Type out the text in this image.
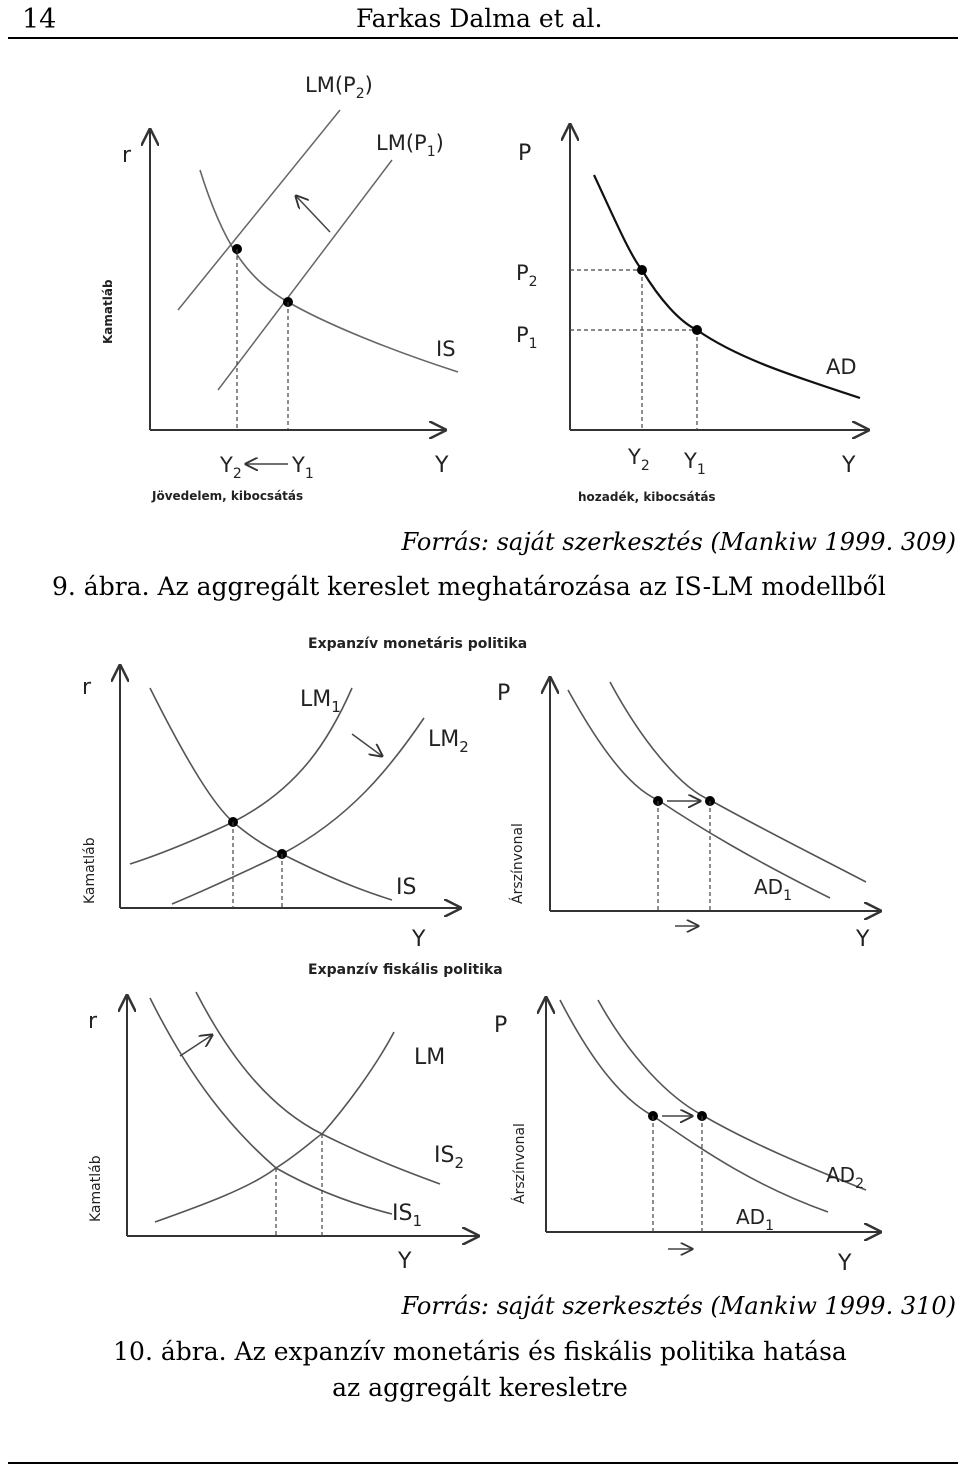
14	Farkas Dalma et al.
r
Kamatláb
$LM(P_2)$
$LM(P_1)$
IS
$Y_2$ $Y_1$	Y
Jövedelem, kibocsátás
P
$P_2$
$P_1$
AD
$Y_2$ $Y_1$	Y
hozadék, kibocsátás
Forrás: saját szerkesztés (Mankiw 1999. 309)
9. ábra. Az aggregált kereslet meghatározása az IS-LM modellből
Expanzív monetáris politika
r
Kamatláb
$LM_1$
$LM_2$
IS
Y
P
Árszínvonal	$AD_1$
Y
Expanzív fiskális politika
r
Kamatláb
LM
$IS_2$
$IS_1$
Y
P
Árszínvonal	$AD_2$
$AD_1$
Y
Forrás: saját szerkesztés (Mankiw 1999. 310)
10. ábra. Az expanzív monetáris és fiskális politika hatása
az aggregált keresletre
